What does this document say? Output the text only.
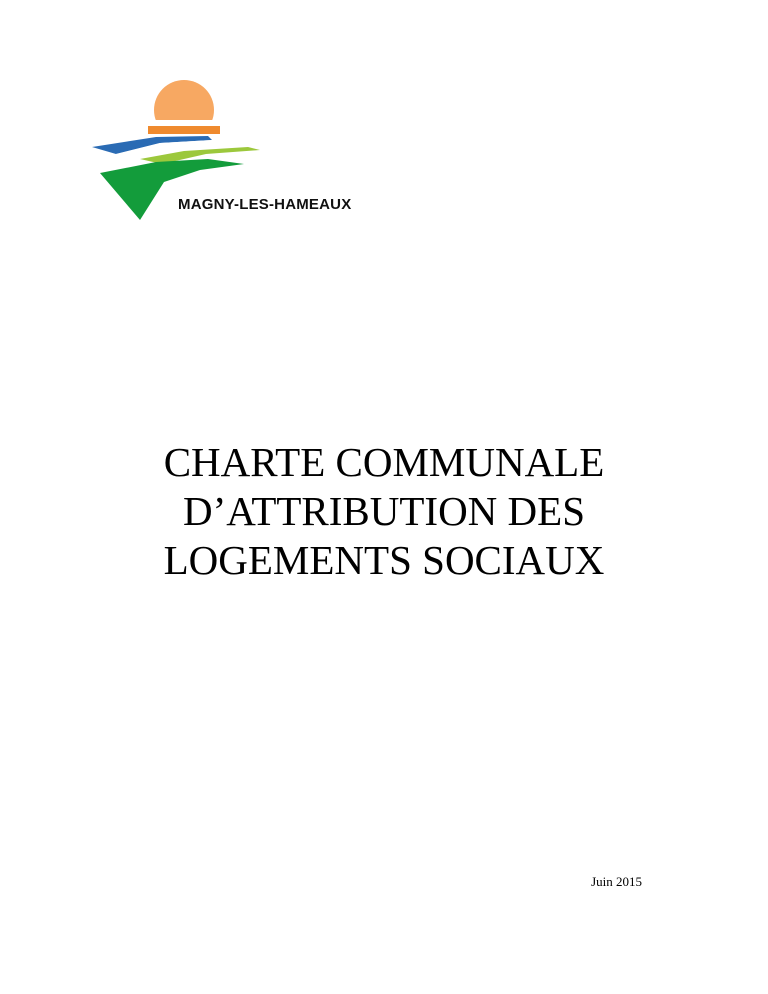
MAGNY-LES-HAMEAUX
CHARTE COMMUNALE
D’ATTRIBUTION DES
LOGEMENTS SOCIAUX
Juin 2015
